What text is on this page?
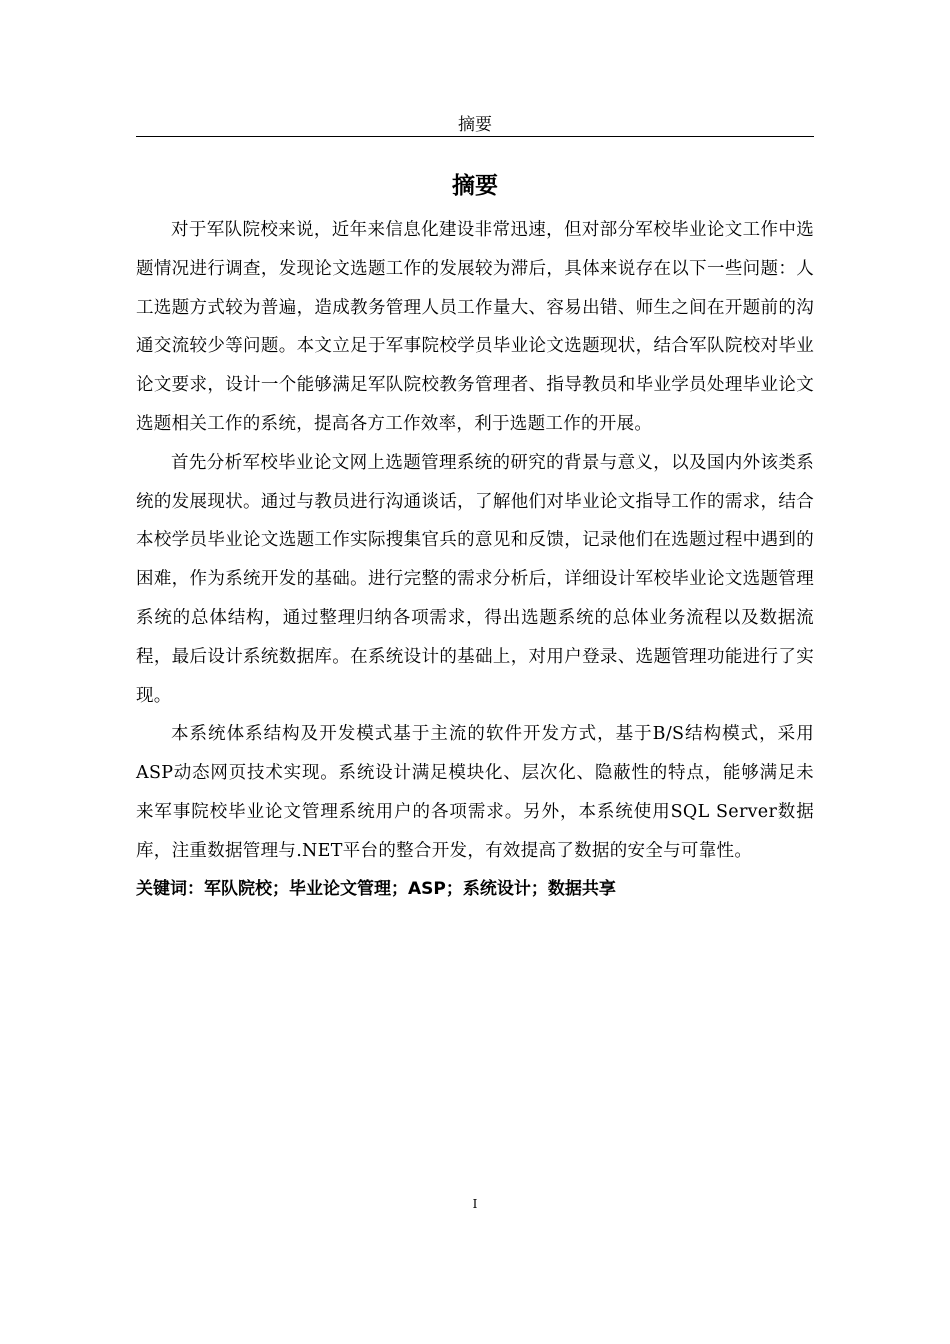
摘要
摘要

对于军队院校来说，近年来信息化建设非常迅速，但对部分军校毕业论文工作中选题情况进行调查，发现论文选题工作的发展较为滞后，具体来说存在以下一些问题：人工选题方式较为普遍，造成教务管理人员工作量大、容易出错、师生之间在开题前的沟通交流较少等问题。本文立足于军事院校学员毕业论文选题现状，结合军队院校对毕业论文要求，设计一个能够满足军队院校教务管理者、指导教员和毕业学员处理毕业论文选题相关工作的系统，提高各方工作效率，利于选题工作的开展。

首先分析军校毕业论文网上选题管理系统的研究的背景与意义，以及国内外该类系统的发展现状。通过与教员进行沟通谈话，了解他们对毕业论文指导工作的需求，结合本校学员毕业论文选题工作实际搜集官兵的意见和反馈，记录他们在选题过程中遇到的困难，作为系统开发的基础。进行完整的需求分析后，详细设计军校毕业论文选题管理系统的总体结构，通过整理归纳各项需求，得出选题系统的总体业务流程以及数据流程，最后设计系统数据库。在系统设计的基础上，对用户登录、选题管理功能进行了实现。

本系统体系结构及开发模式基于主流的软件开发方式，基于B/S结构模式，采用ASP动态网页技术实现。系统设计满足模块化、层次化、隐蔽性的特点，能够满足未来军事院校毕业论文管理系统用户的各项需求。另外，本系统使用SQL Server数据库，注重数据管理与.NET平台的整合开发，有效提高了数据的安全与可靠性。

关键词：军队院校；毕业论文管理；ASP；系统设计；数据共享

I
